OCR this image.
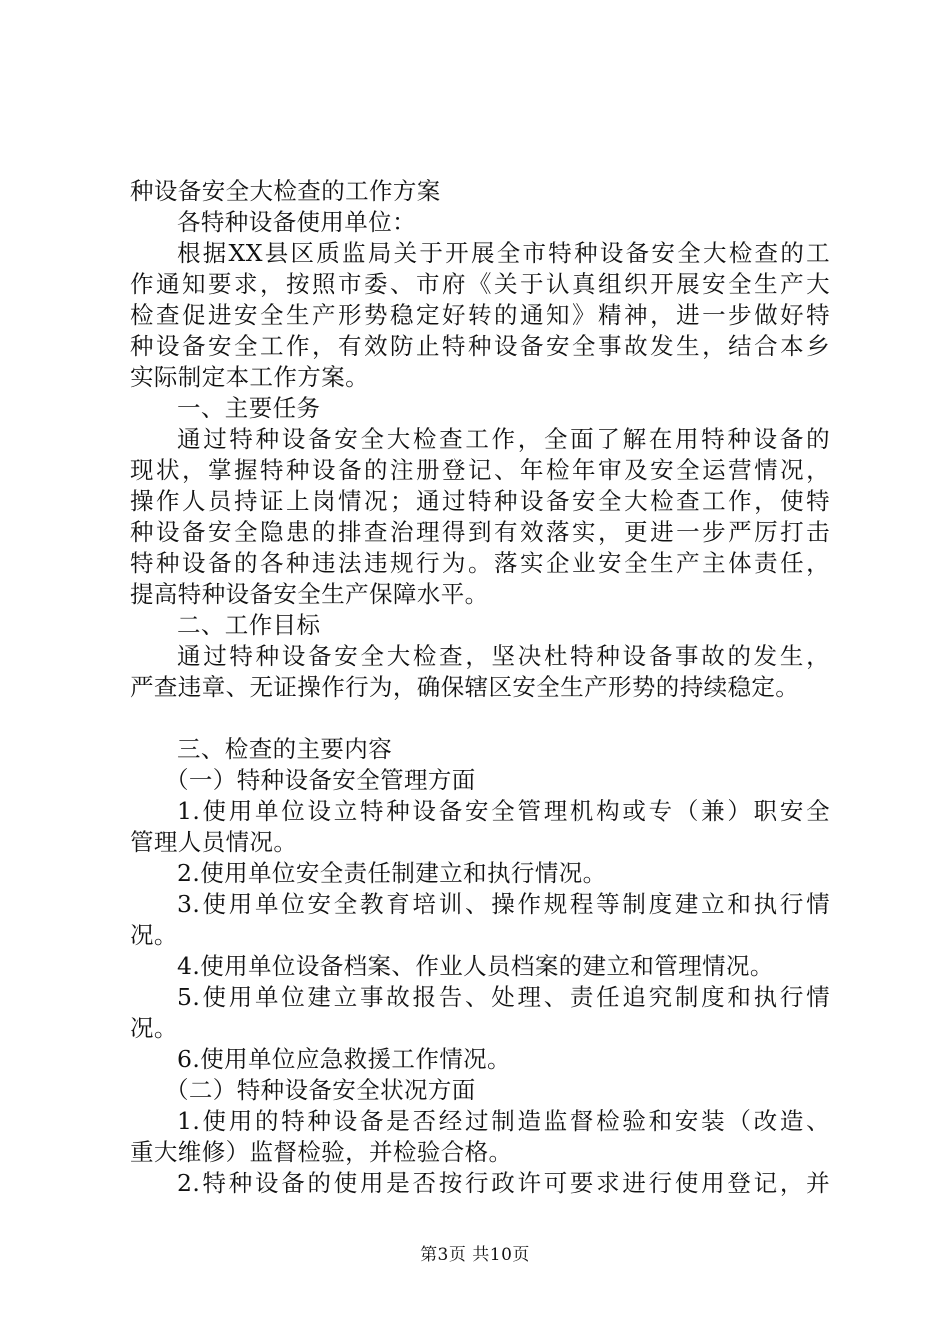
种设备安全大检查的工作方案
各特种设备使用单位：
根据XX县区质监局关于开展全市特种设备安全大检查的工
作通知要求，按照市委、市府《关于认真组织开展安全生产大
检查促进安全生产形势稳定好转的通知》精神，进一步做好特
种设备安全工作，有效防止特种设备安全事故发生，结合本乡
实际制定本工作方案。
一、主要任务
通过特种设备安全大检查工作，全面了解在用特种设备的
现状，掌握特种设备的注册登记、年检年审及安全运营情况，
操作人员持证上岗情况；通过特种设备安全大检查工作，使特
种设备安全隐患的排查治理得到有效落实，更进一步严厉打击
特种设备的各种违法违规行为。落实企业安全生产主体责任，
提高特种设备安全生产保障水平。
二、工作目标
通过特种设备安全大检查，坚决杜特种设备事故的发生，
严查违章、无证操作行为，确保辖区安全生产形势的持续稳定。
三、检查的主要内容
（一）特种设备安全管理方面
1.使用单位设立特种设备安全管理机构或专（兼）职安全
管理人员情况。
2.使用单位安全责任制建立和执行情况。
3.使用单位安全教育培训、操作规程等制度建立和执行情
况。
4.使用单位设备档案、作业人员档案的建立和管理情况。
5.使用单位建立事故报告、处理、责任追究制度和执行情
况。
6.使用单位应急救援工作情况。
（二）特种设备安全状况方面
1.使用的特种设备是否经过制造监督检验和安装（改造、
重大维修）监督检验，并检验合格。
2.特种设备的使用是否按行政许可要求进行使用登记，并
第3页 共10页
